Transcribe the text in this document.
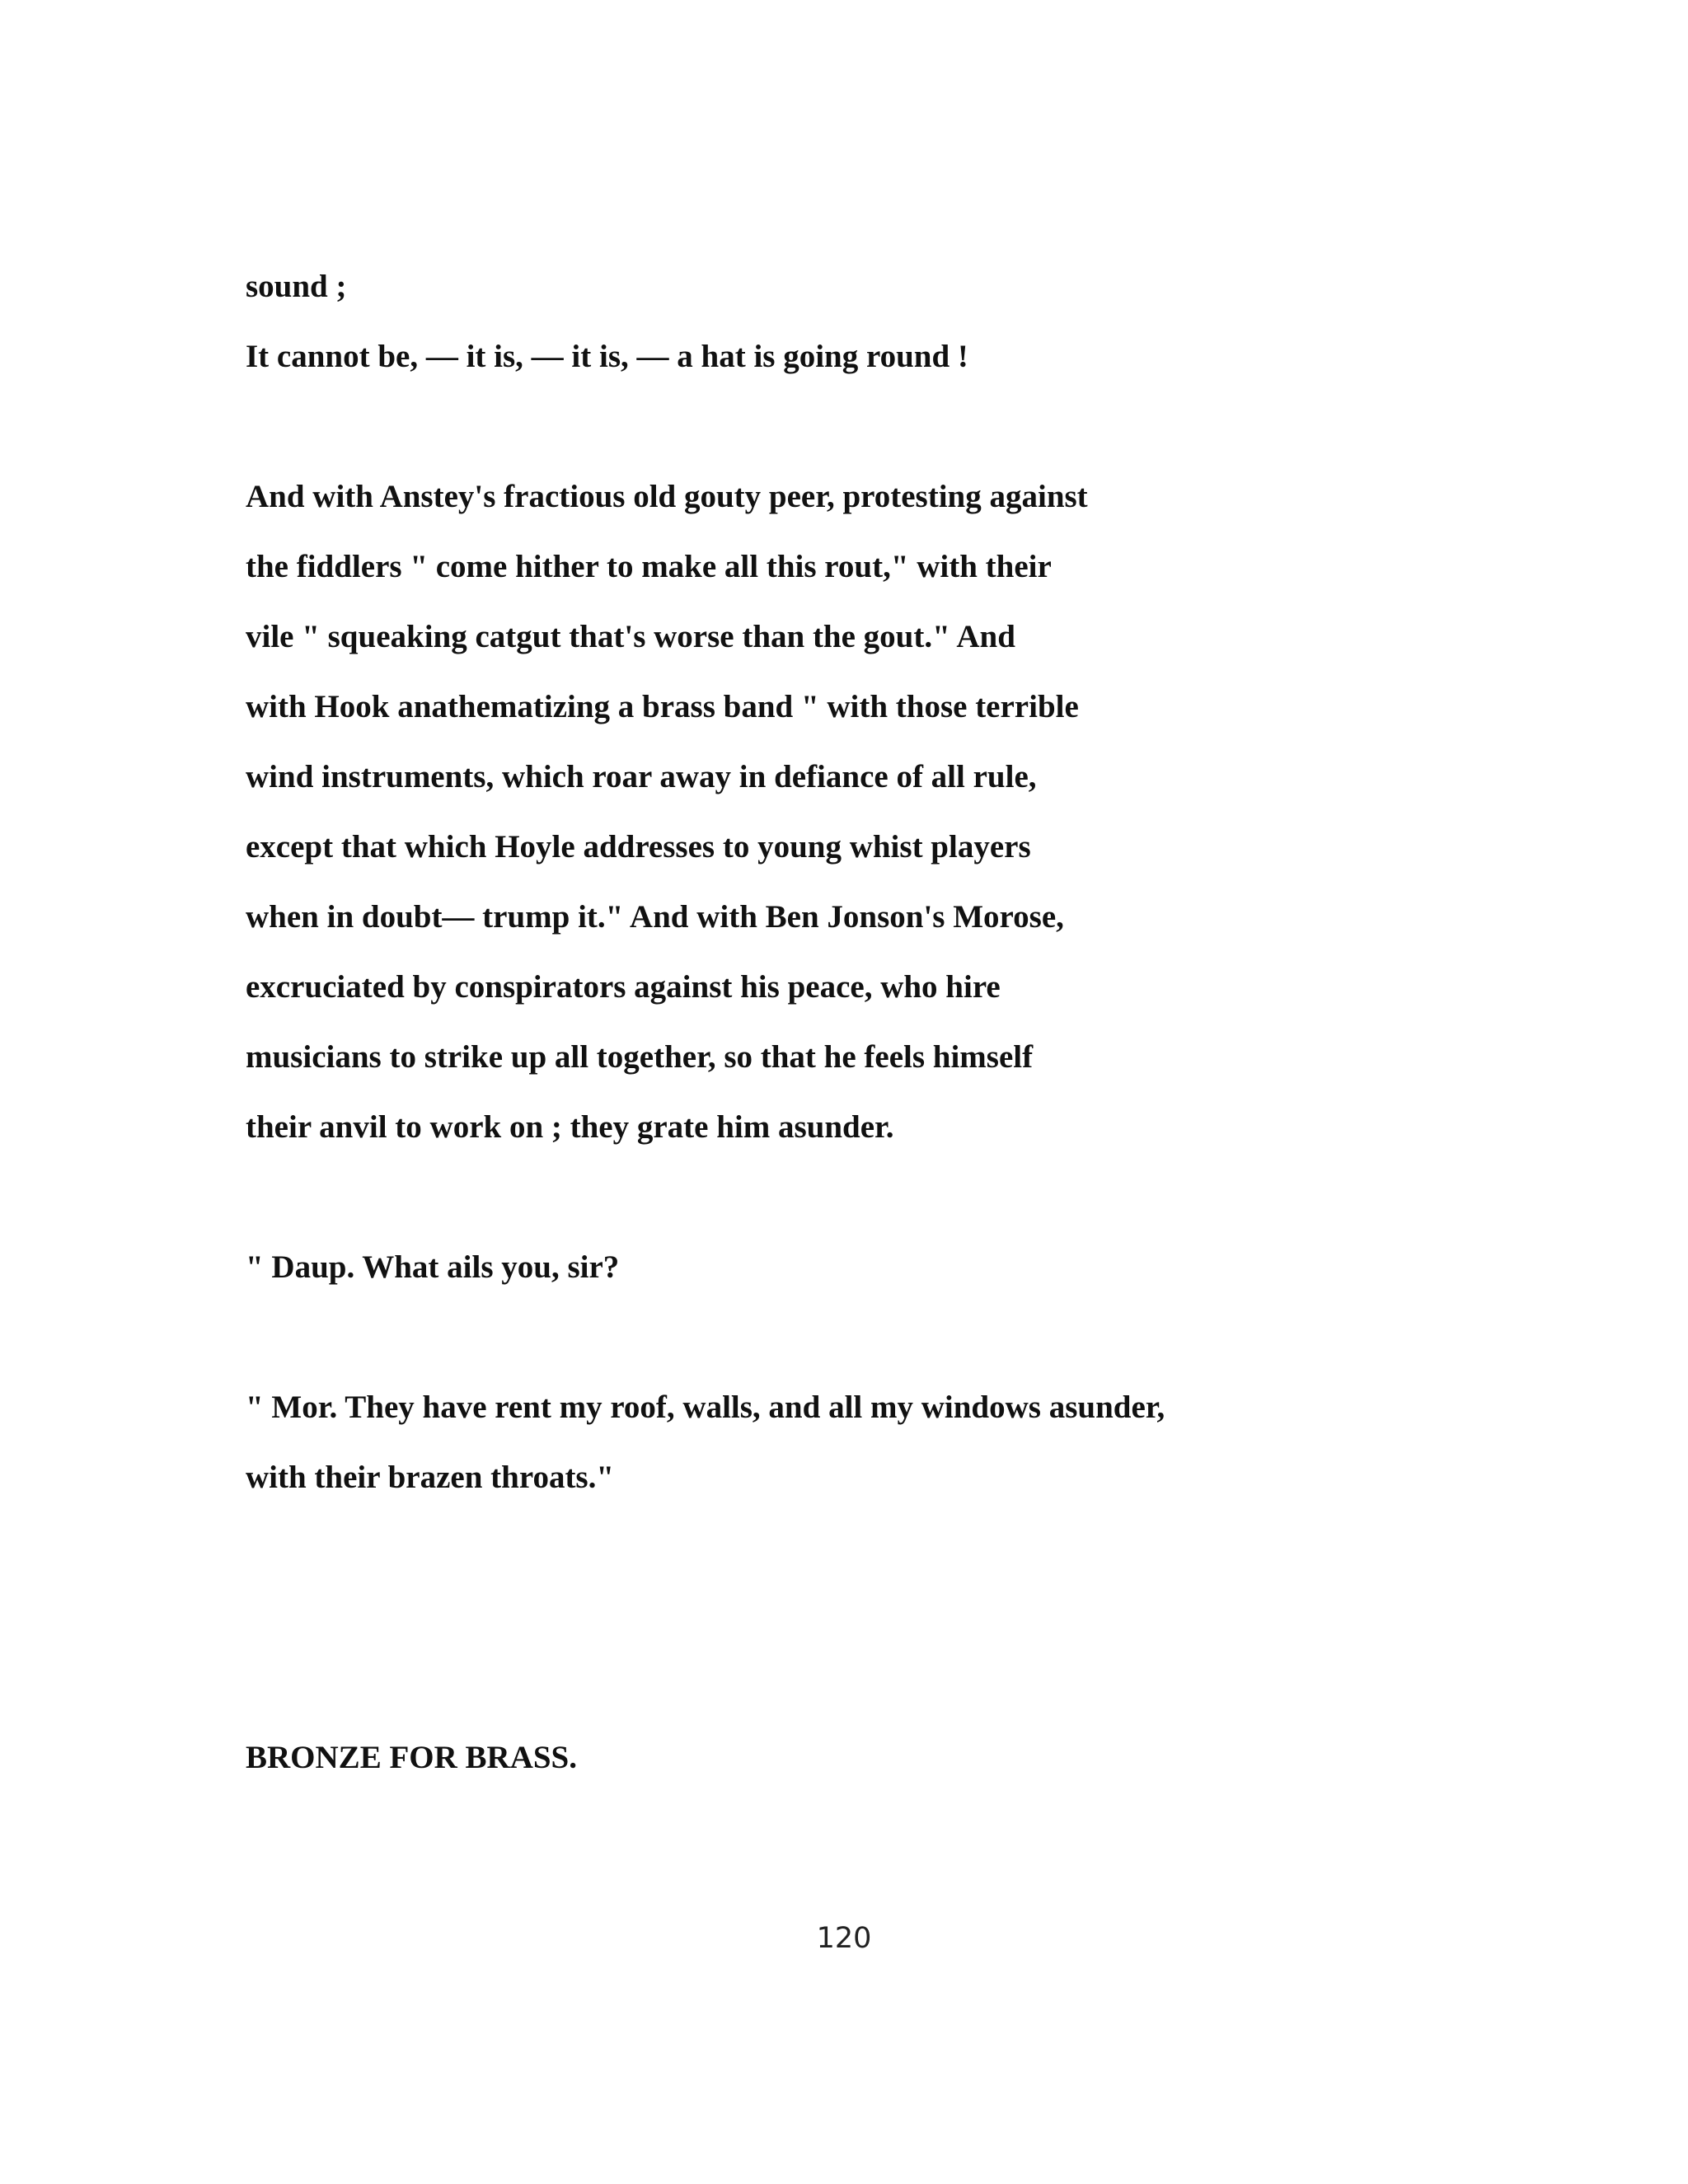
sound ;
It cannot be, — it is, — it is, — a hat is going round !
And with Anstey's fractious old gouty peer, protesting against
the fiddlers " come hither to make all this rout," with their
vile " squeaking catgut that's worse than the gout." And
with Hook anathematizing a brass band " with those terrible
wind instruments, which roar away in defiance of all rule,
except that which Hoyle addresses to young whist players
when in doubt— trump it." And with Ben Jonson's Morose,
excruciated by conspirators against his peace, who hire
musicians to strike up all together, so that he feels himself
their anvil to work on ; they grate him asunder.
" Daup. What ails you, sir?
" Mor. They have rent my roof, walls, and all my windows asunder,
with their brazen throats."
BRONZE FOR BRASS.
120
